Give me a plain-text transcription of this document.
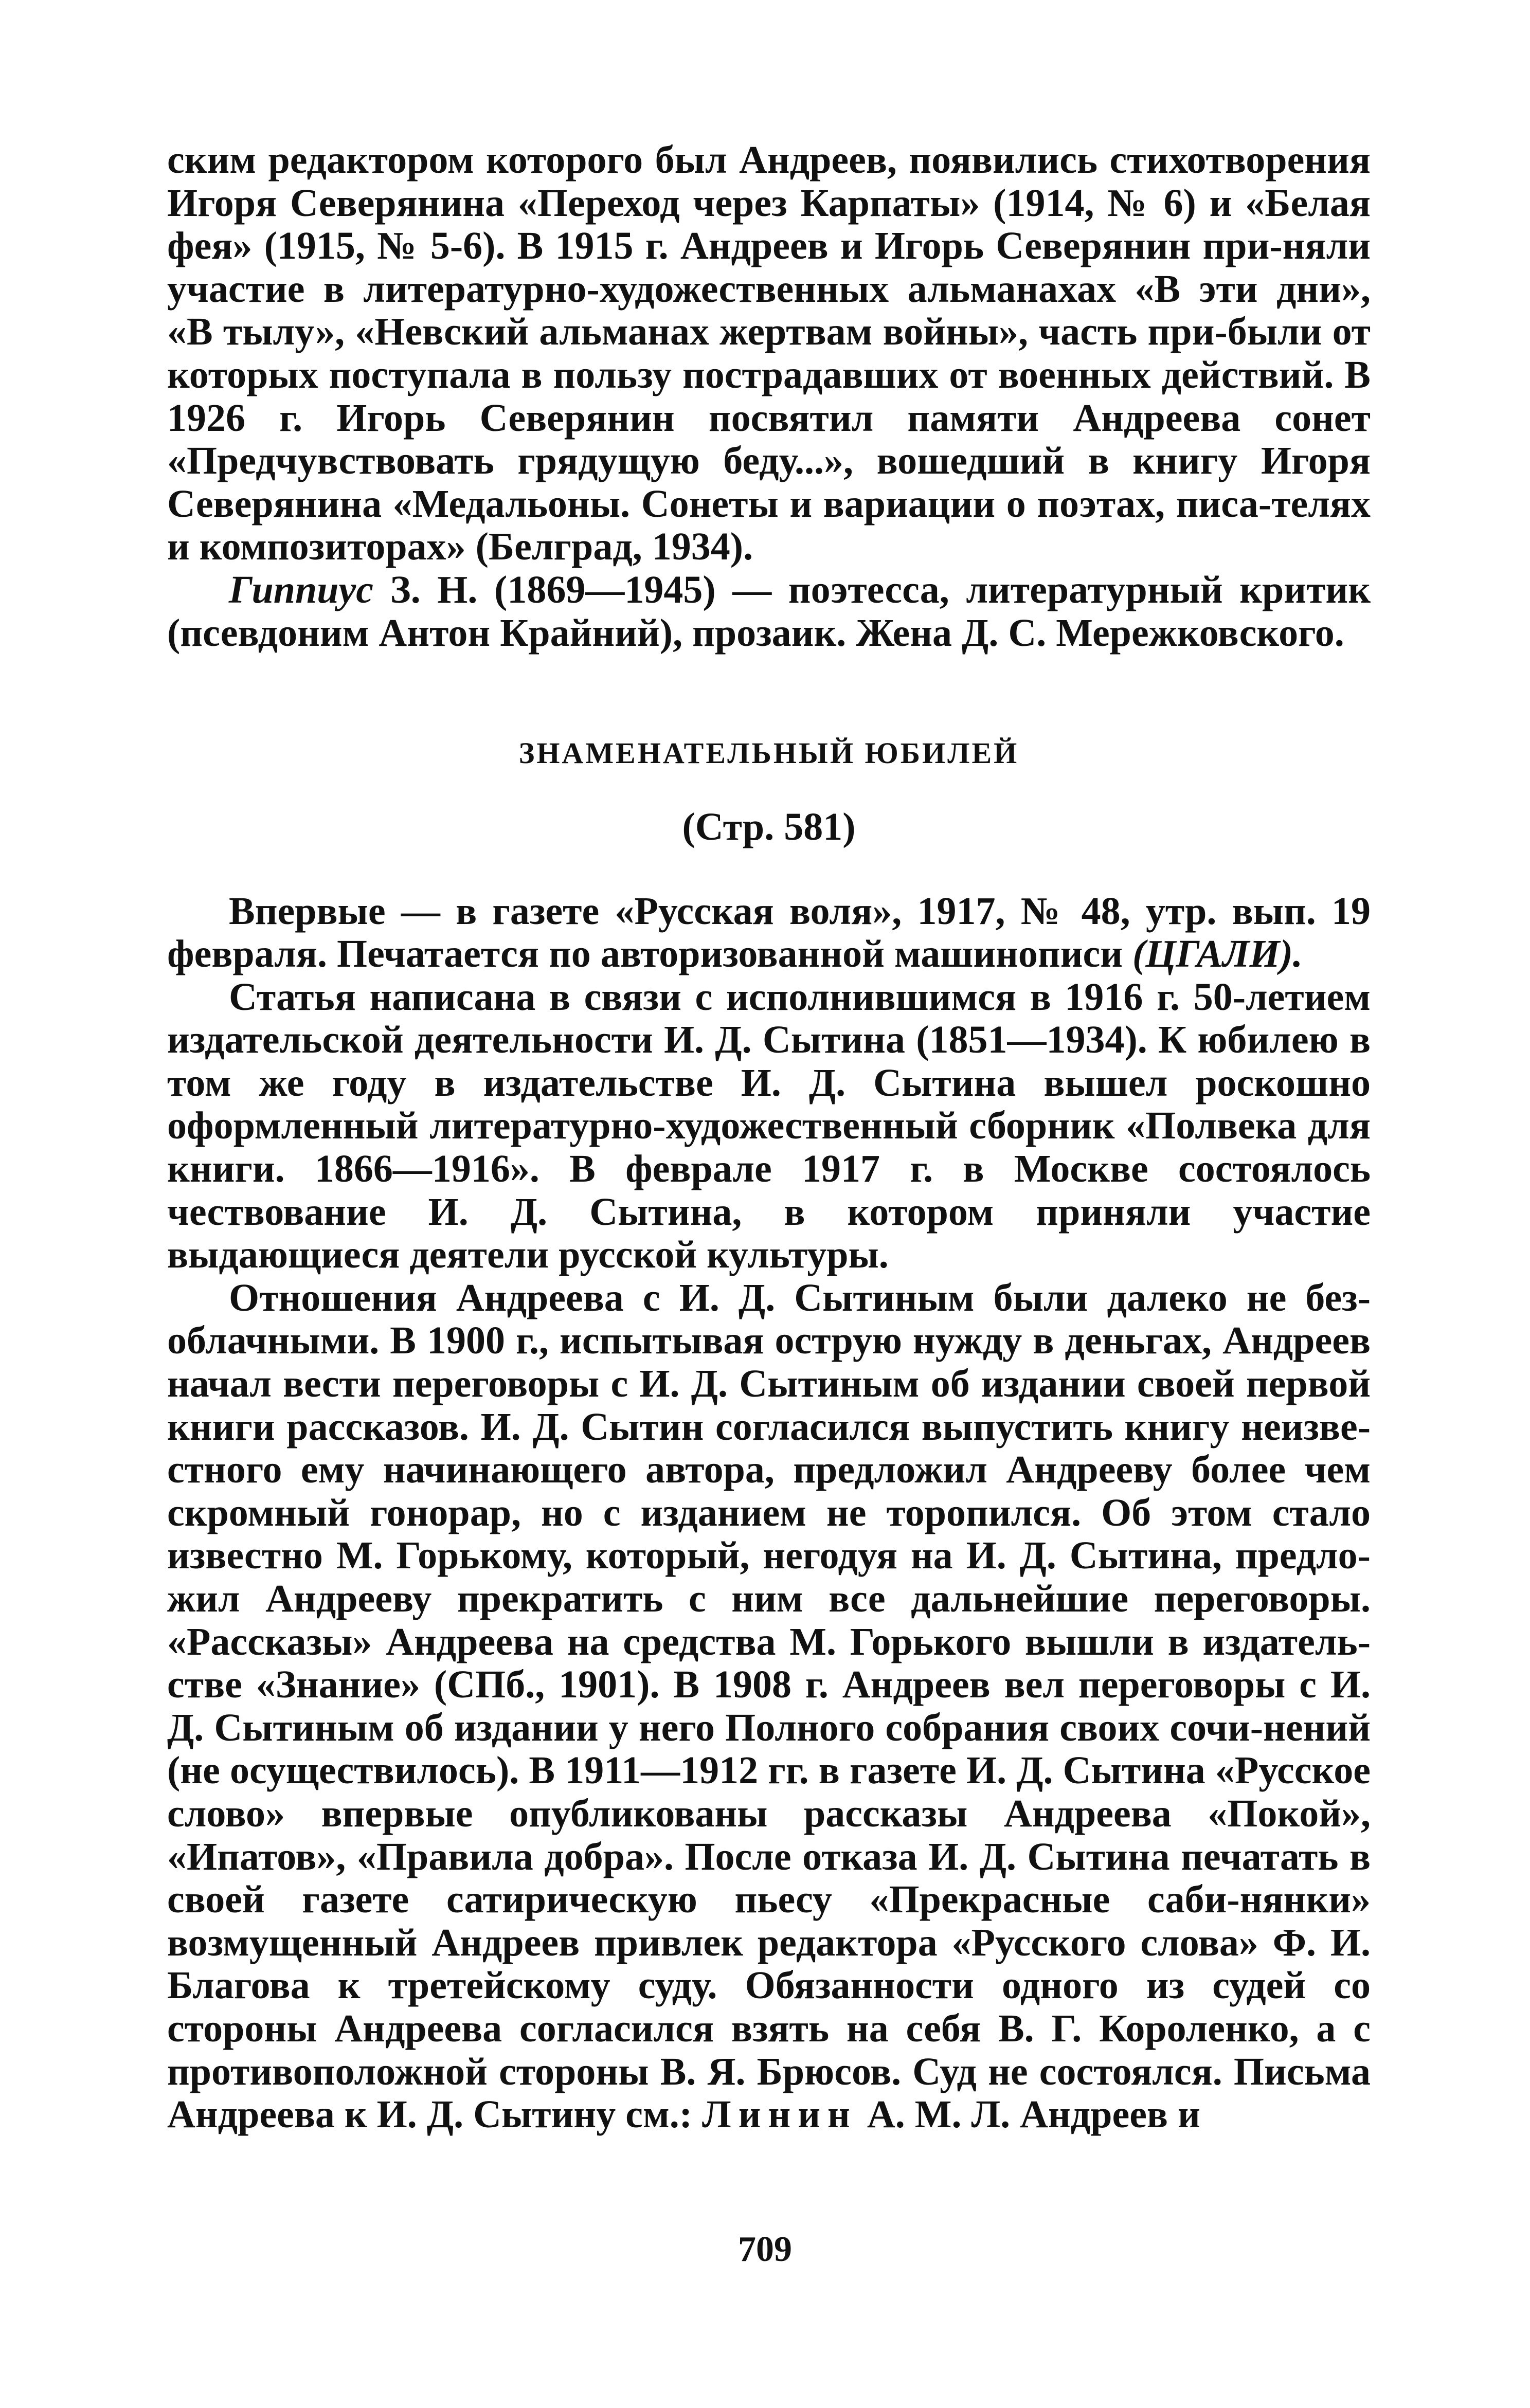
ским редактором которого был Андреев, появились стихотворения Игоря Северянина «Переход через Карпаты» (1914, № 6) и «Белая фея» (1915, № 5-6). В 1915 г. Андреев и Игорь Северянин при-няли участие в литературно-художественных альманахах «В эти дни», «В тылу», «Невский альманах жертвам войны», часть при-были от которых поступала в пользу пострадавших от военных действий. В 1926 г. Игорь Северянин посвятил памяти Андреева сонет «Предчувствовать грядущую беду...», вошедший в книгу Игоря Северянина «Медальоны. Сонеты и вариации о поэтах, писа-телях и композиторах» (Белград, 1934).

Гиппиус З. Н. (1869—1945) — поэтесса, литературный критик (псевдоним Антон Крайний), прозаик. Жена Д. С. Мережковского.

ЗНАМЕНАТЕЛЬНЫЙ ЮБИЛЕЙ
(Стр. 581)

Впервые — в газете «Русская воля», 1917, № 48, утр. вып. 19 февраля. Печатается по авторизованной машинописи (ЦГАЛИ).

Статья написана в связи с исполнившимся в 1916 г. 50-летием издательской деятельности И. Д. Сытина (1851—1934). К юбилею в том же году в издательстве И. Д. Сытина вышел роскошно оформленный литературно-художественный сборник «Полвека для книги. 1866—1916». В феврале 1917 г. в Москве состоялось чествование И. Д. Сытина, в котором приняли участие выдающиеся деятели русской культуры.

Отношения Андреева с И. Д. Сытиным были далеко не без-облачными. В 1900 г., испытывая острую нужду в деньгах, Андреев начал вести переговоры с И. Д. Сытиным об издании своей первой книги рассказов. И. Д. Сытин согласился выпустить книгу неизве-стного ему начинающего автора, предложил Андрееву более чем скромный гонорар, но с изданием не торопился. Об этом стало известно М. Горькому, который, негодуя на И. Д. Сытина, предло-жил Андрееву прекратить с ним все дальнейшие переговоры. «Рассказы» Андреева на средства М. Горького вышли в издатель-стве «Знание» (СПб., 1901). В 1908 г. Андреев вел переговоры с И. Д. Сытиным об издании у него Полного собрания своих сочи-нений (не осуществилось). В 1911—1912 гг. в газете И. Д. Сытина «Русское слово» впервые опубликованы рассказы Андреева «Покой», «Ипатов», «Правила добра». После отказа И. Д. Сытина печатать в своей газете сатирическую пьесу «Прекрасные саби-нянки» возмущенный Андреев привлек редактора «Русского слова» Ф. И. Благова к третейскому суду. Обязанности одного из судей со стороны Андреева согласился взять на себя В. Г. Короленко, а с противоположной стороны В. Я. Брюсов. Суд не состоялся. Письма Андреева к И. Д. Сытину см.: Линин А. М. Л. Андреев и

709
